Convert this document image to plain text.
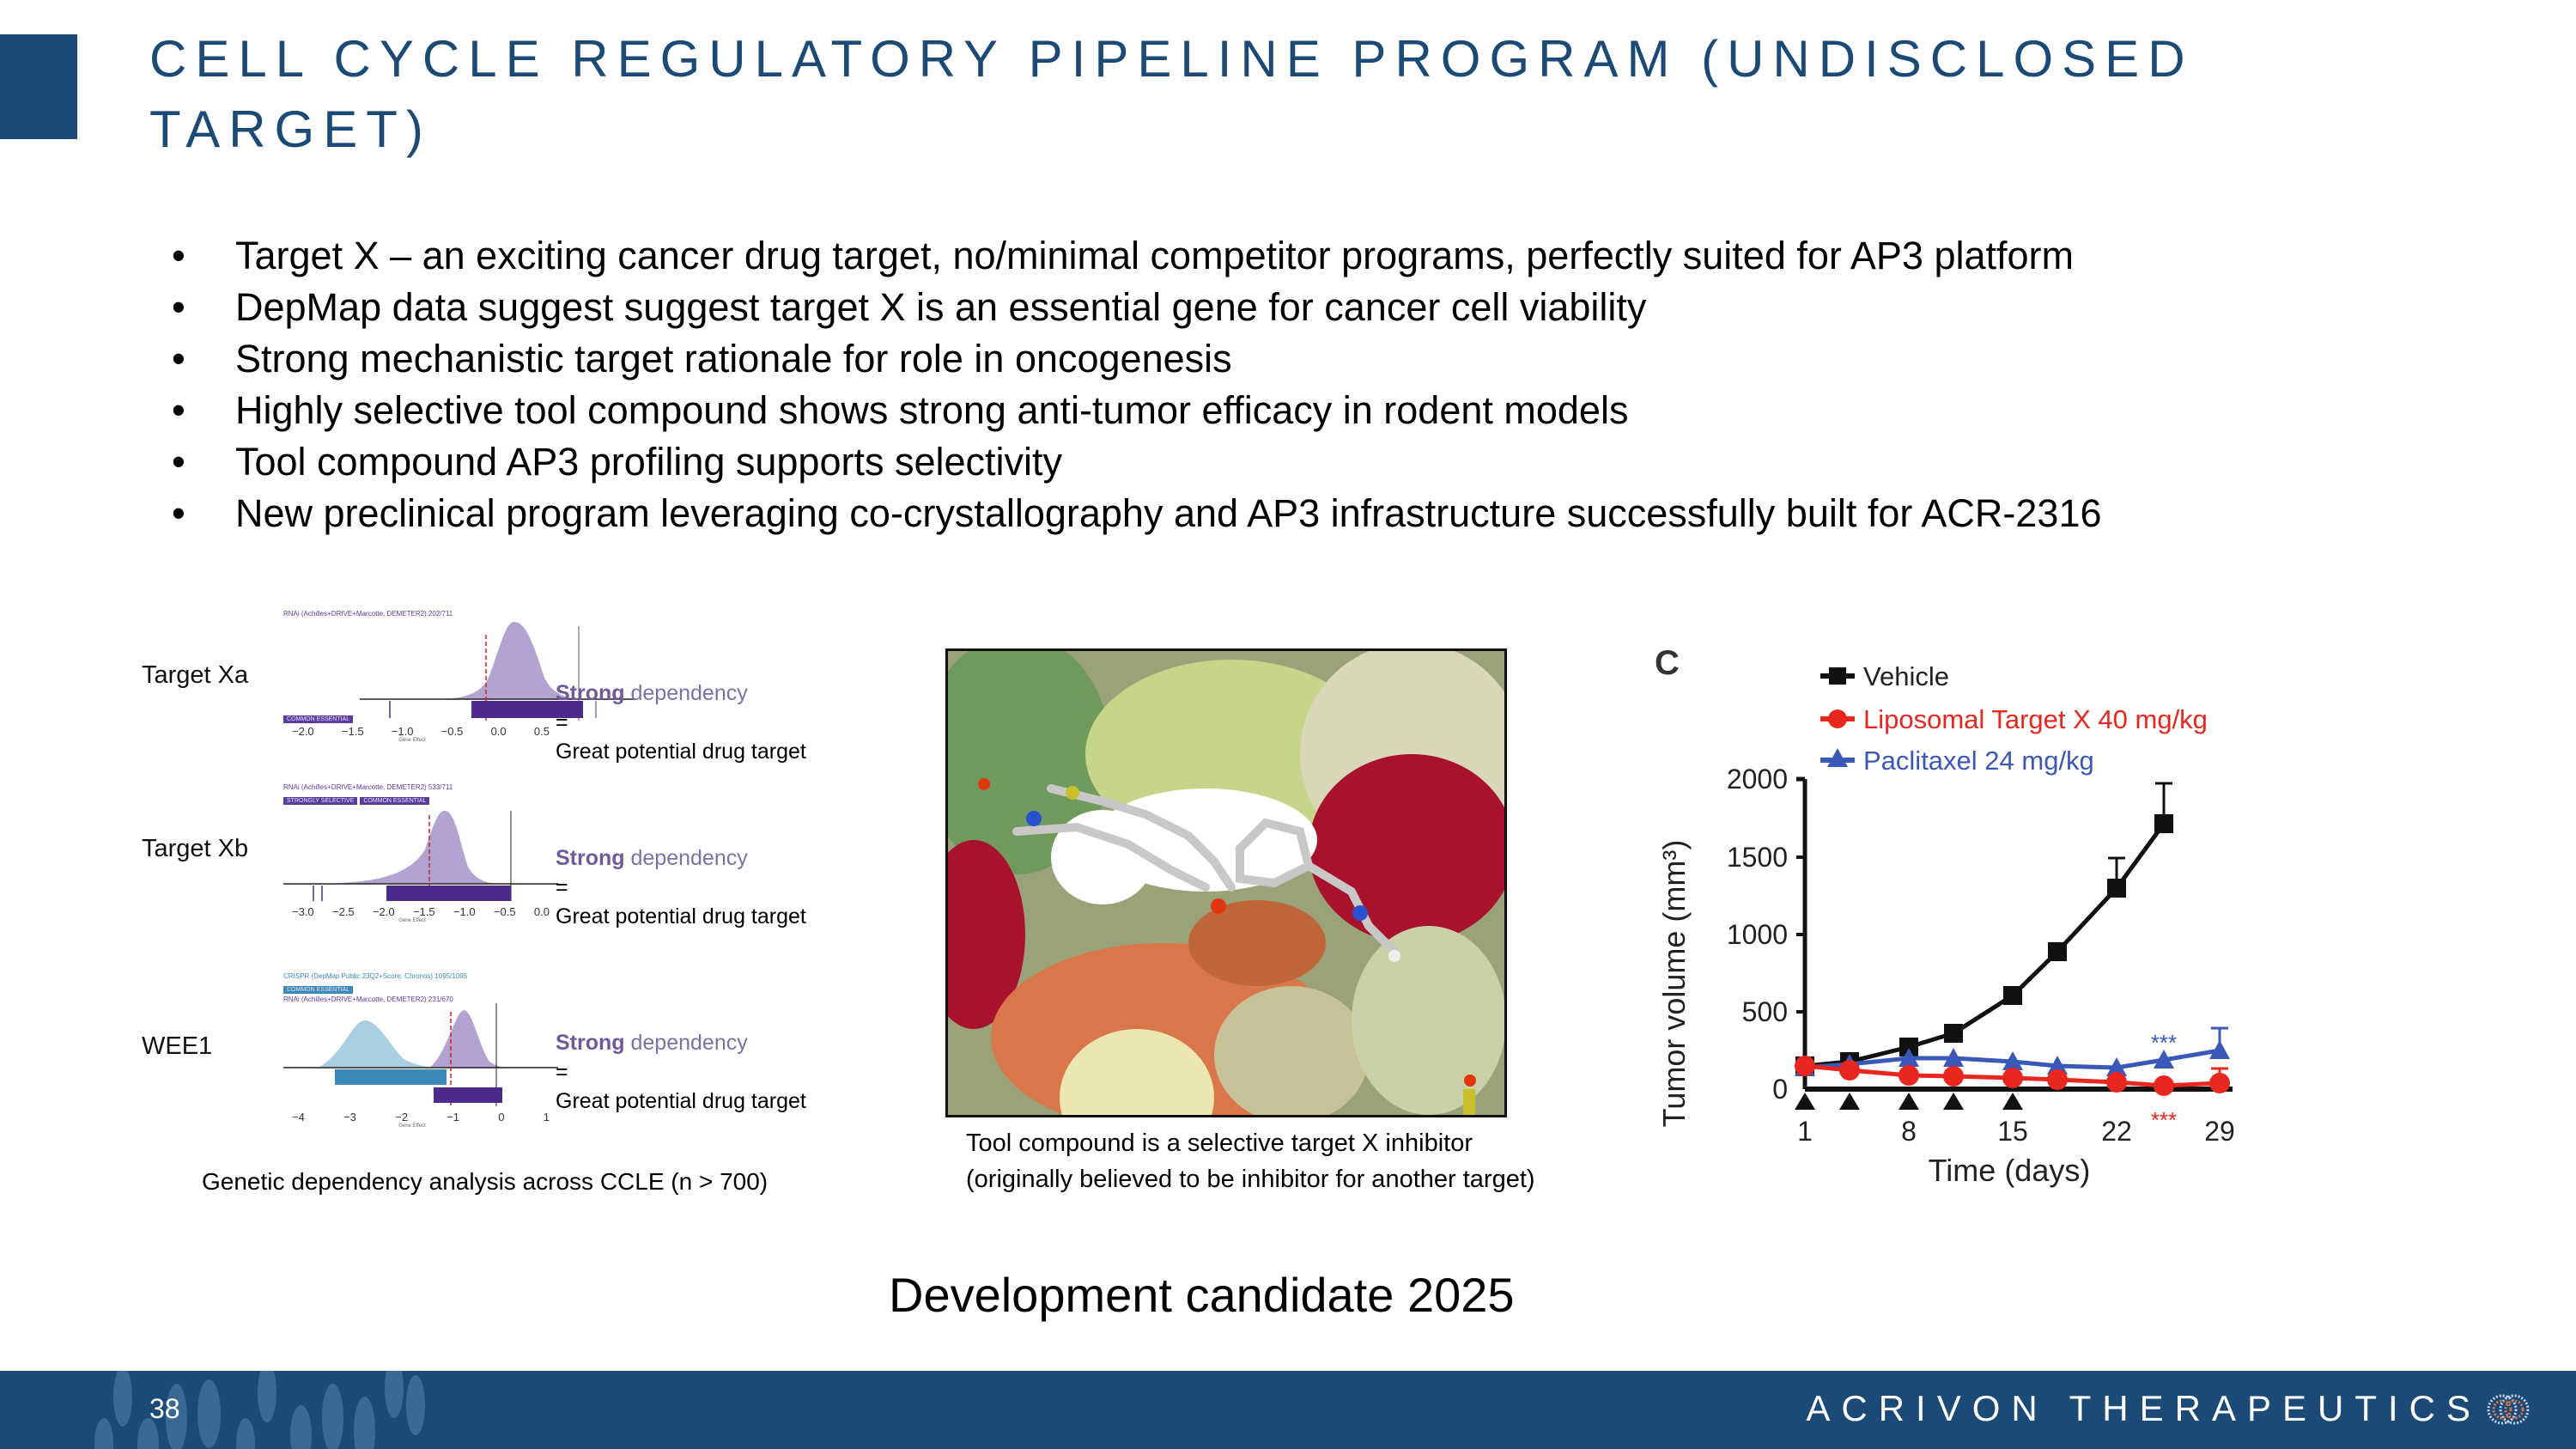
CELL CYCLE REGULATORY PIPELINE PROGRAM (UNDISCLOSED TARGET)
• Target X – an exciting cancer drug target, no/minimal competitor programs, perfectly suited for AP3 platform
• DepMap data suggest suggest target X is an essential gene for cancer cell viability
• Strong mechanistic target rationale for role in oncogenesis
• Highly selective tool compound shows strong anti-tumor efficacy in rodent models
• Tool compound AP3 profiling supports selectivity
• New preclinical program leveraging co-crystallography and AP3 infrastructure successfully built for ACR-2316
Target Xa
RNAi (Achilles+DRIVE+Marcotte, DEMETER2) 202/711
COMMON ESSENTIAL
−2.0 −1.5 −1.0 −0.5 0.0 0.5
Gene Effect
Strong dependency
=
Great potential drug target
Target Xb
RNAi (Achilles+DRIVE+Marcotte, DEMETER2) 533/711
STRONGLY SELECTIVE COMMON ESSENTIAL
−3.0 −2.5 −2.0 −1.5 −1.0 −0.5 0.0
Gene Effect
Strong dependency
=
Great potential drug target
WEE1
CRISPR (DepMap Public 23Q2+Score, Chronos) 1095/1095
COMMON ESSENTIAL
RNAi (Achilles+DRIVE+Marcotte, DEMETER2) 231/670
−4	−3	−2	−1	0	1
Gene Effect
Strong dependency
=
Great potential drug target
Genetic dependency analysis across CCLE (n > 700)
Tool compound is a selective target X inhibitor
(originally believed to be inhibitor for another target)
Development candidate 2025
C	Vehicle
Liposomal Target X 40 mg/kg
Paclitaxel 24 mg/kg
Tumor volume (mm³)
2000
1500
1000
500
0
1	8	15	22	29
Time (days)
***
***
38	ACRIVON THERAPEUTICS
